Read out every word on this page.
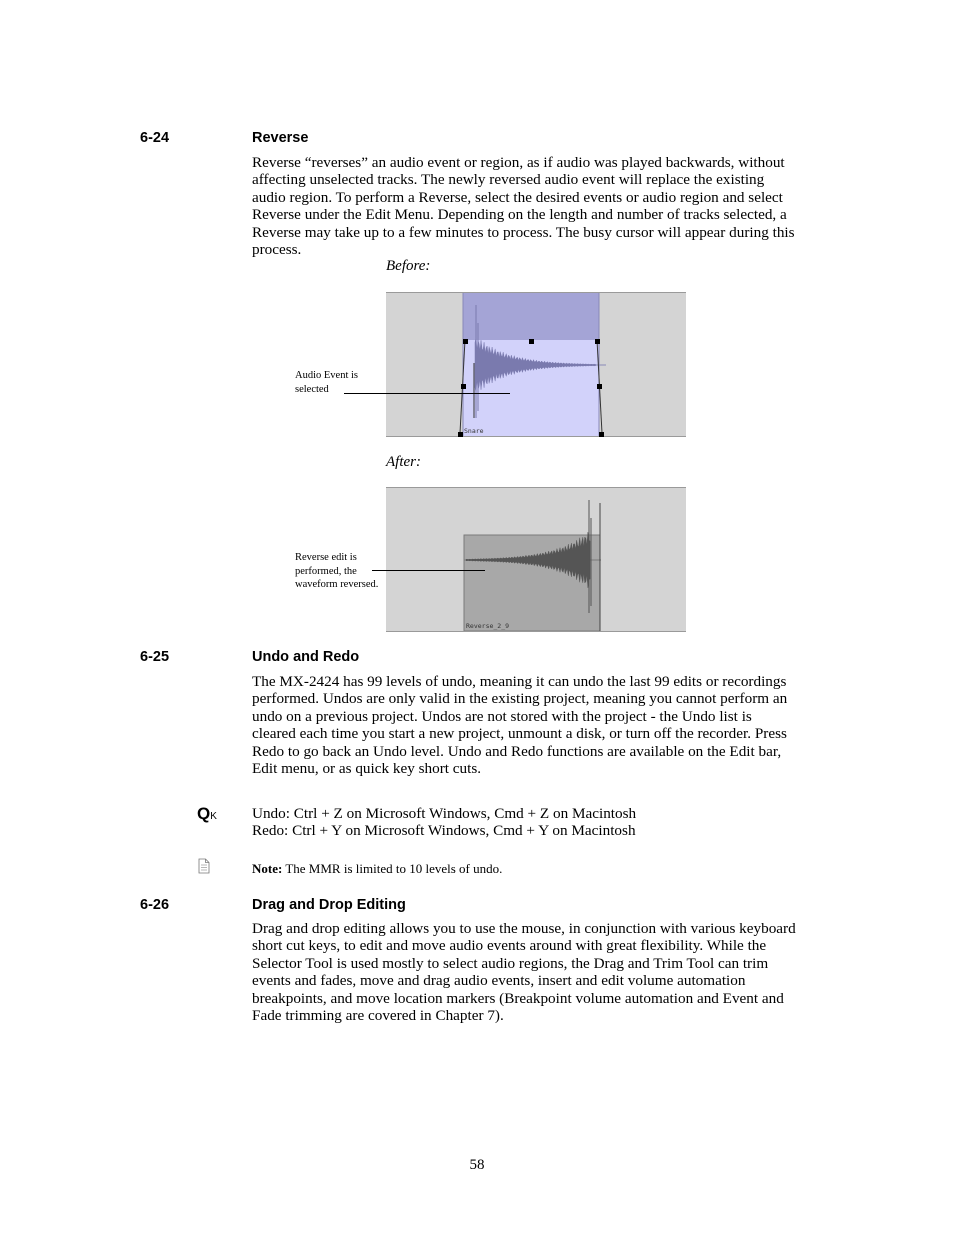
6-24	Reverse
Reverse “reverses” an audio event or region, as if audio was played backwards, without
affecting unselected tracks. The newly reversed audio event will replace the existing
audio region. To perform a Reverse, select the desired events or audio region and select
Reverse under the Edit Menu. Depending on the length and number of tracks selected, a
Reverse may take up to a few minutes to process. The busy cursor will appear during this
process.
Before:
Snare
Audio Event is
selected
After:
Reverse_2_9
Reverse edit is
performed, the
waveform reversed.
6-25	Undo and Redo
The MX-2424 has 99 levels of undo, meaning it can undo the last 99 edits or recordings
performed. Undos are only valid in the existing project, meaning you cannot perform an
undo on a previous project. Undos are not stored with the project - the Undo list is
cleared each time you start a new project, unmount a disk, or turn off the recorder. Press
Redo to go back an Undo level. Undo and Redo functions are available on the Edit bar,
Edit menu, or as quick key short cuts.
QK Undo: Ctrl + Z on Microsoft Windows, Cmd + Z on Macintosh
Redo: Ctrl + Y on Microsoft Windows, Cmd + Y on Macintosh
Note: The MMR is limited to 10 levels of undo.
6-26	Drag and Drop Editing
Drag and drop editing allows you to use the mouse, in conjunction with various keyboard
short cut keys, to edit and move audio events around with great flexibility. While the
Selector Tool is used mostly to select audio regions, the Drag and Trim Tool can trim
events and fades, move and drag audio events, insert and edit volume automation
breakpoints, and move location markers (Breakpoint volume automation and Event and
Fade trimming are covered in Chapter 7).
58
